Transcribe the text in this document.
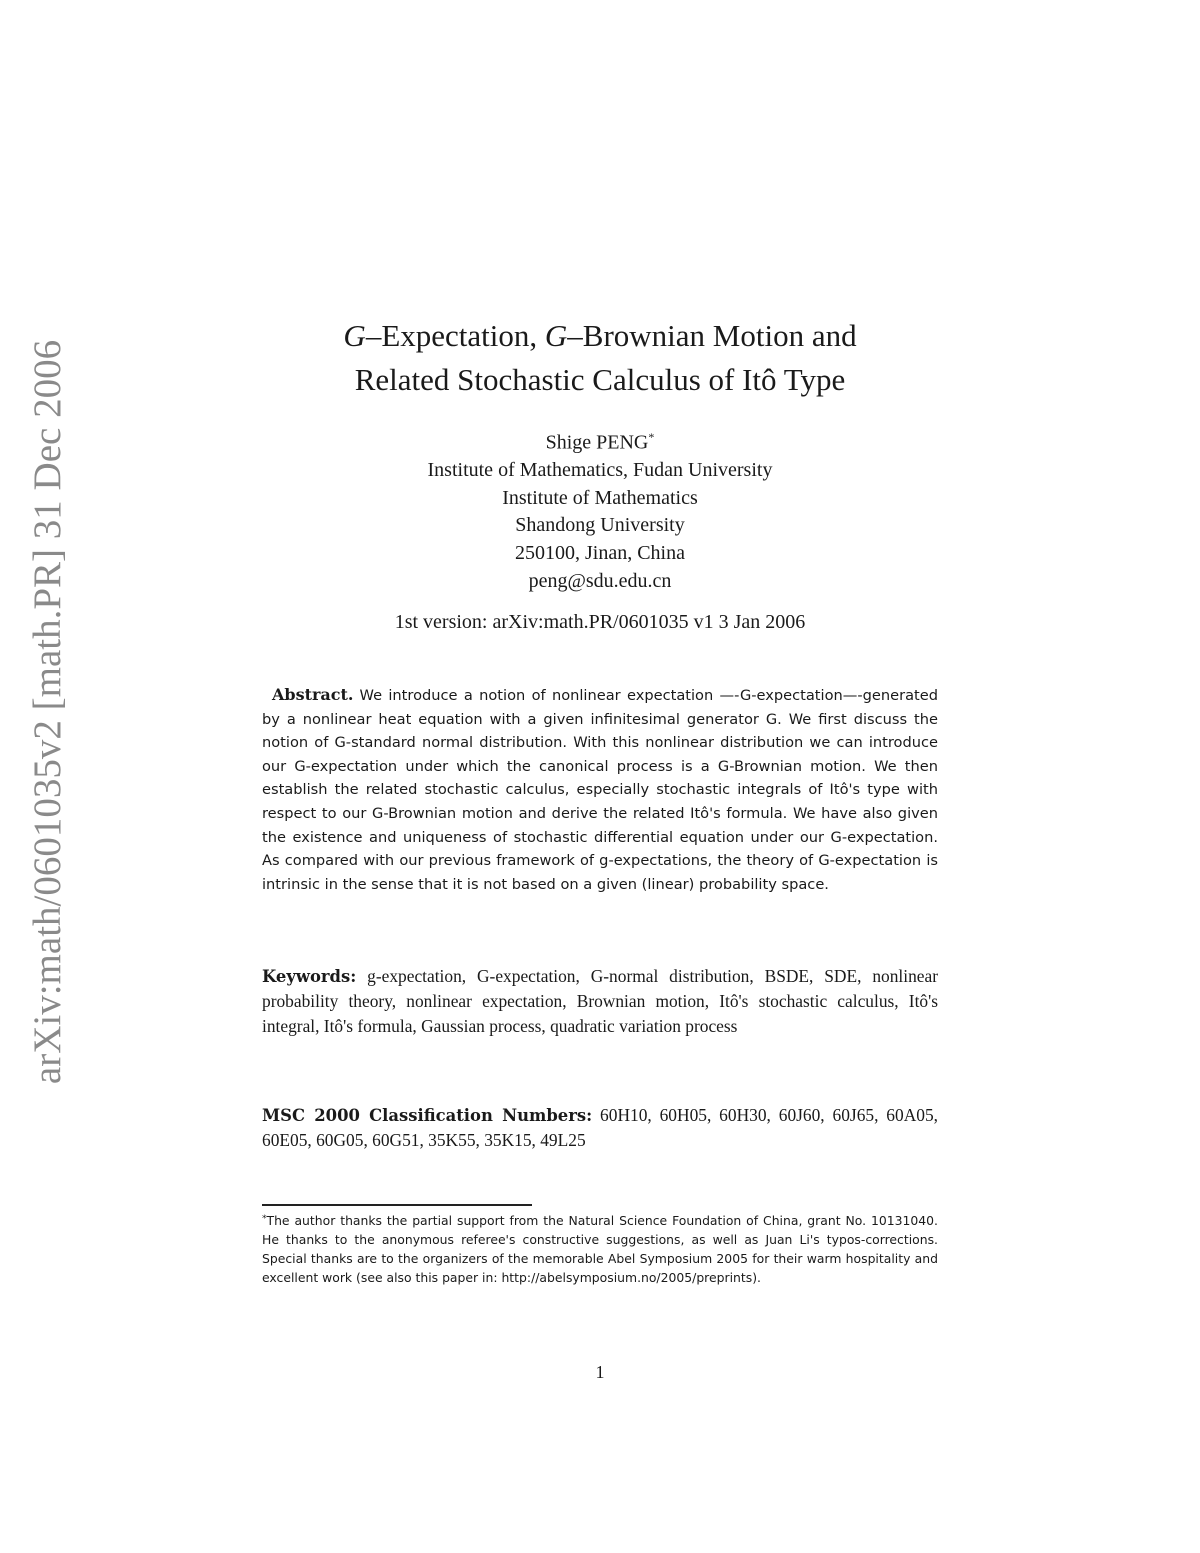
arXiv:math/0601035v2 [math.PR] 31 Dec 2006
G–Expectation, G–Brownian Motion and
Related Stochastic Calculus of Itô Type
Shige PENG*
Institute of Mathematics, Fudan University
Institute of Mathematics
Shandong University
250100, Jinan, China
peng@sdu.edu.cn
1st version: arXiv:math.PR/0601035 v1 3 Jan 2006
Abstract. We introduce a notion of nonlinear expectation —-G-expectation—-generated by a nonlinear heat equation with a given infinitesimal generator G. We first discuss the notion of G-standard normal distribution. With this nonlinear distribution we can introduce our G-expectation under which the canonical process is a G-Brownian motion. We then establish the related stochastic calculus, especially stochastic integrals of Itô's type with respect to our G-Brownian motion and derive the related Itô's formula. We have also given the existence and uniqueness of stochastic differential equation under our G-expectation. As compared with our previous framework of g-expectations, the theory of G-expectation is intrinsic in the sense that it is not based on a given (linear) probability space.
Keywords: g-expectation, G-expectation, G-normal distribution, BSDE, SDE, nonlinear probability theory, nonlinear expectation, Brownian motion, Itô's stochastic calculus, Itô's integral, Itô's formula, Gaussian process, quadratic variation process
MSC 2000 Classification Numbers: 60H10, 60H05, 60H30, 60J60, 60J65, 60A05, 60E05, 60G05, 60G51, 35K55, 35K15, 49L25
*The author thanks the partial support from the Natural Science Foundation of China, grant No. 10131040. He thanks to the anonymous referee's constructive suggestions, as well as Juan Li's typos-corrections. Special thanks are to the organizers of the memorable Abel Symposium 2005 for their warm hospitality and excellent work (see also this paper in: http://abelsymposium.no/2005/preprints).
1
